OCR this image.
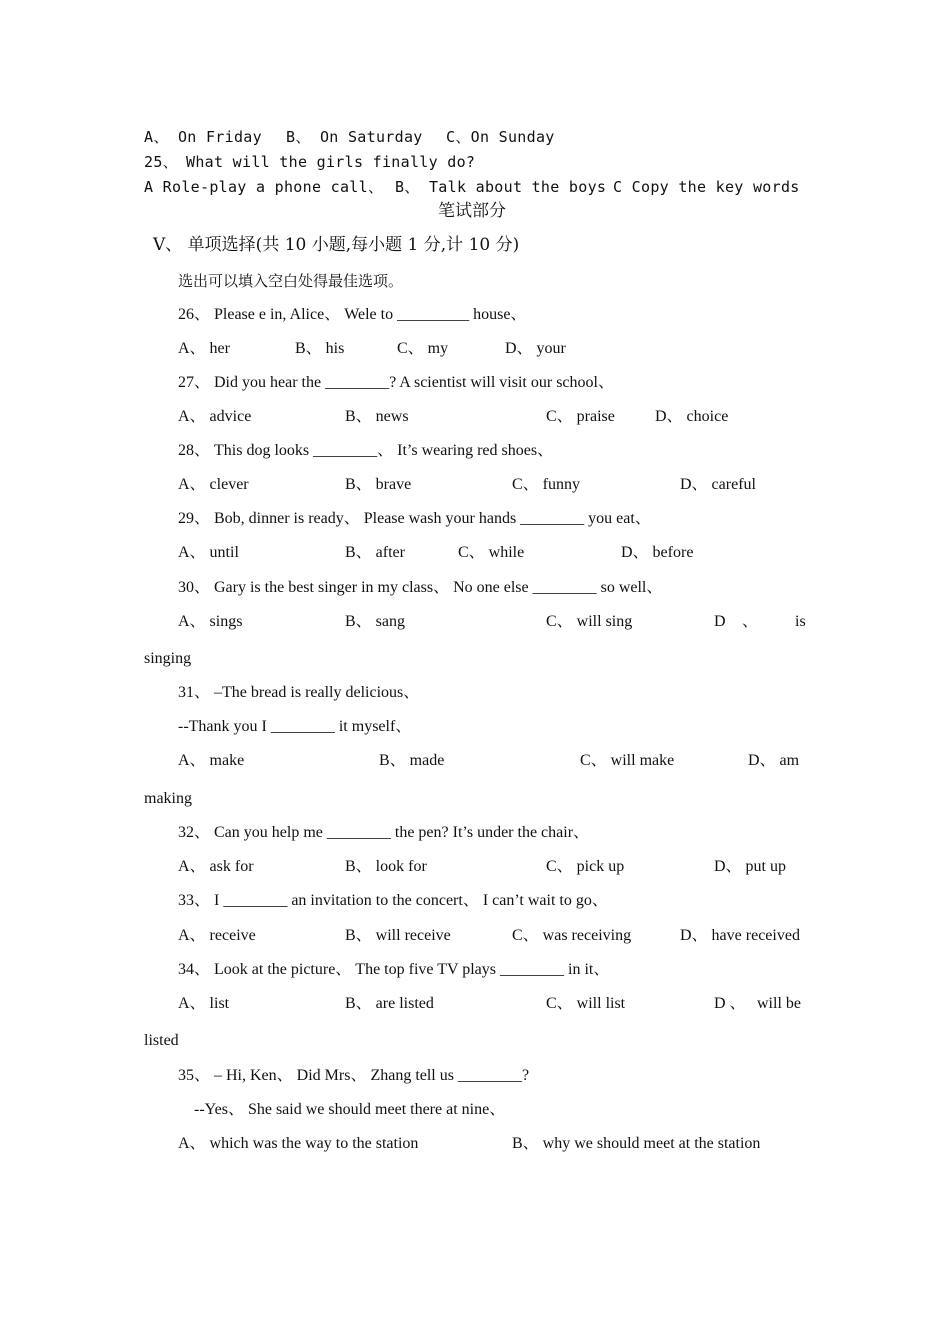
A、 On Friday B、 On Saturday C、On Sunday
25、 What will the girls finally do?
A Role-play a phone call、 B、 Talk about the boys C Copy the key words
笔试部分
V、 单项选择(共 10 小题,每小题 1 分,计 10 分)
选出可以填入空白处得最佳选项。
26、 Please e in, Alice、 Wele to _________ house、
A、 her	B、 his	C、 my	D、 your
27、 Did you hear the ________? A scientist will visit our school、
A、 advice	B、 news	C、 praise	D、 choice
28、 This dog looks ________、 It’s wearing red shoes、
A、 clever	B、 brave	C、 funny	D、 careful
29、 Bob, dinner is ready、 Please wash your hands ________ you eat、
A、 until	B、 after	C、 while	D、 before
30、 Gary is the best singer in my class、 No one else ________ so well、
A、 sings	B、 sang	C、 will sing	D 、 is
singing
31、 –The bread is really delicious、
--Thank you I ________ it myself、
A、 make	B、 made	C、 will make	D、 am
making
32、 Can you help me ________ the pen? It’s under the chair、
A、 ask for	B、 look for	C、 pick up	D、 put up
33、 I ________ an invitation to the concert、 I can’t wait to go、
A、 receive	B、 will receive	C、 was receiving	D、 have received
34、 Look at the picture、 The top five TV plays ________ in it、
A、 list	B、 are listed	C、 will list	D 、 will be
listed
35、 – Hi, Ken、 Did Mrs、 Zhang tell us ________?
--Yes、 She said we should meet there at nine、
A、 which was the way to the station	B、 why we should meet at the station
